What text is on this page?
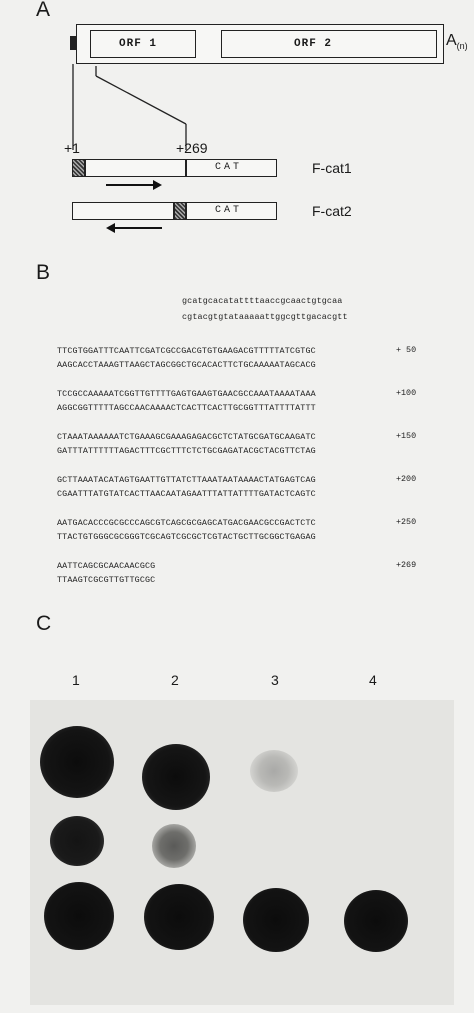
A
ORF 1	ORF 2	$A_{(n)}$
+1	+269
CAT	F-cat1
CAT	F-cat2
B
gcatgcacatattttaaccgcaactgtgcaa
cgtacgtgtataaaaattggcgttgacacgtt
TTCGTGGATTTCAATTCGATCGCCGACGTGTGAAGACGTTTTTATCGTGC
AAGCACCTAAAGTTAAGCTAGCGGCTGCACACTTCTGCAAAAATAGCACG
+ 50
TCCGCCAAAAATCGGTTGTTTTGAGTGAAGTGAACGCCAAATAAAATAAA
AGGCGGTTTTTAGCCAACAAAACTCACTTCACTTGCGGTTTATTTTATTT
+100
CTAAATAAAAAATCTGAAAGCGAAAGAGACGCTCTATGCGATGCAAGATC
GATTTATTTTTTAGACTTTCGCTTTCTCTGCGAGATACGCTACGTTCTAG
+150
GCTTAAATACATAGTGAATTGTTATCTTAAATAATAAAACTATGAGTCAG
CGAATTTATGTATCACTTAACAATAGAATTTATTATTTTGATACTCAGTC
+200
AATGACACCCGCGCCCAGCGTCAGCGCGAGCATGACGAACGCCGACTCTC
TTACTGTGGGCGCGGGTCGCAGTCGCGCTCGTACTGCTTGCGGCTGAGAG
+250
AATTCAGCGCAACAACGCG
TTAAGTCGCGTTGTTGCGC
+269
C
1	2	3	4
